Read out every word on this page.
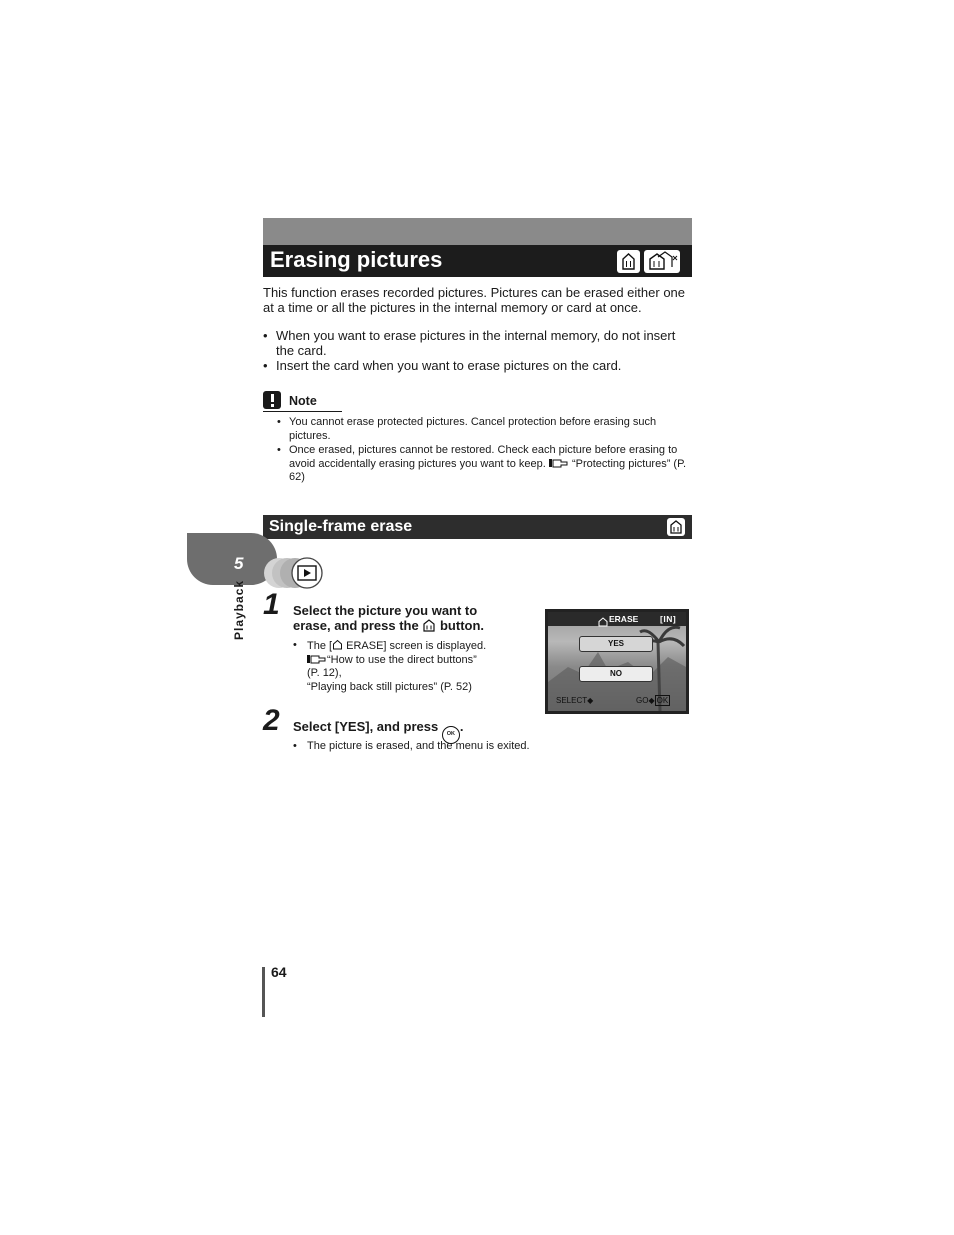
Erasing pictures
This function erases recorded pictures. Pictures can be erased either one at a time or all the pictures in the internal memory or card at once.
• When you want to erase pictures in the internal memory, do not insert the card.
• Insert the card when you want to erase pictures on the card.
Note
• You cannot erase protected pictures. Cancel protection before erasing such pictures.
• Once erased, pictures cannot be restored. Check each picture before erasing to avoid accidentally erasing pictures you want to keep. “Protecting pictures” (P. 62)
Single-frame erase
5
Playback 1 Select the picture you want to
erase, and press the button.
• The [ ERASE] screen is displayed.
“How to use the direct buttons”
(P. 12),
“Playing back still pictures” (P. 52)
ERASE	[IN]
YES
NO
SELECT◆	GO◆ OK
2 Select [YES], and press OK .
• The picture is erased, and the menu is exited.
64
